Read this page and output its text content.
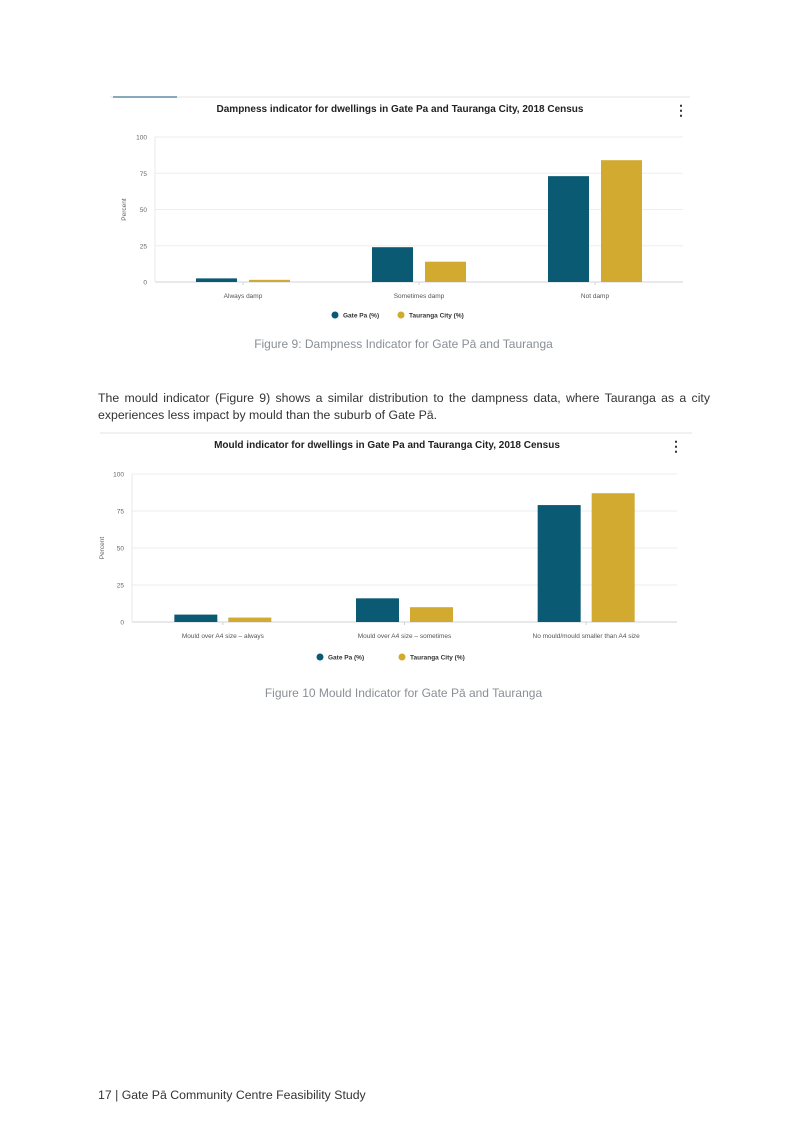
Dampness indicator for dwellings in Gate Pa and Tauranga City, 2018 Census	⋮
0
25
50
75
100
Percent
Always damp	Sometimes damp	Not damp
Gate Pa (%)	Tauranga City (%)
Figure 9: Dampness Indicator for Gate Pā and Tauranga
The mould indicator (Figure 9) shows a similar distribution to the dampness data, where Tauranga as a city experiences less impact by mould than the suburb of Gate Pā.
Mould indicator for dwellings in Gate Pa and Tauranga City, 2018 Census	⋮
0
25
50
75
100
Percent
Mould over A4 size – always	Mould over A4 size – sometimes	No mould/mould smaller than A4 size
Gate Pa (%)	Tauranga City (%)
Figure 10 Mould Indicator for Gate Pā and Tauranga
17 | Gate Pā Community Centre Feasibility Study
